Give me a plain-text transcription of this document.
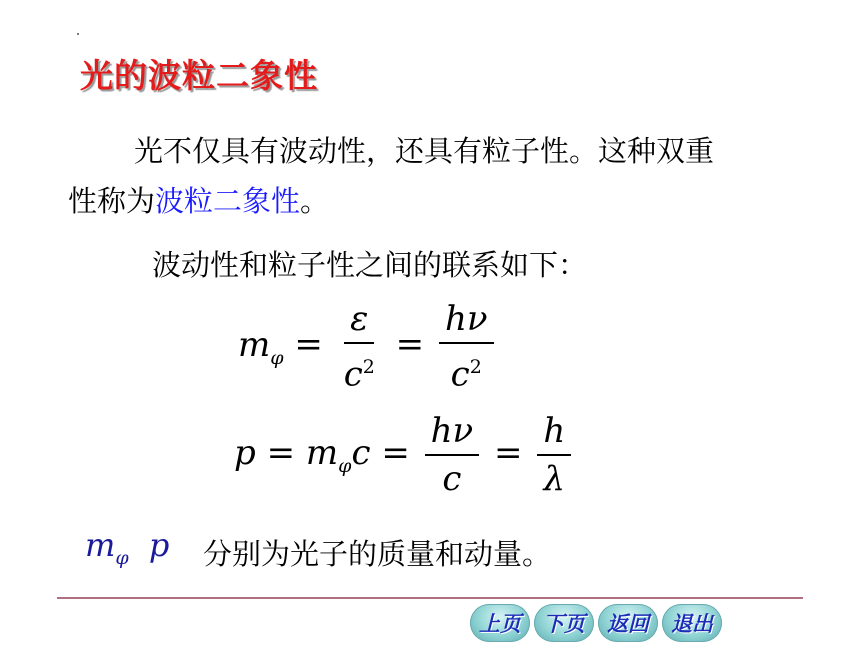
光的波粒二象性
光不仅具有波动性，还具有粒子性。这种双重
性称为波粒二象性。
波动性和粒子性之间的联系如下：
$m_\varphi = \frac{\varepsilon}{c^2} = \frac{h\nu}{c^2}$
$p = m_\varphi c = \frac{h\nu}{c} = \frac{h}{\lambda}$
$m_\varphi$ p 分别为光子的质量和动量。
上页	下页	返回	退出
